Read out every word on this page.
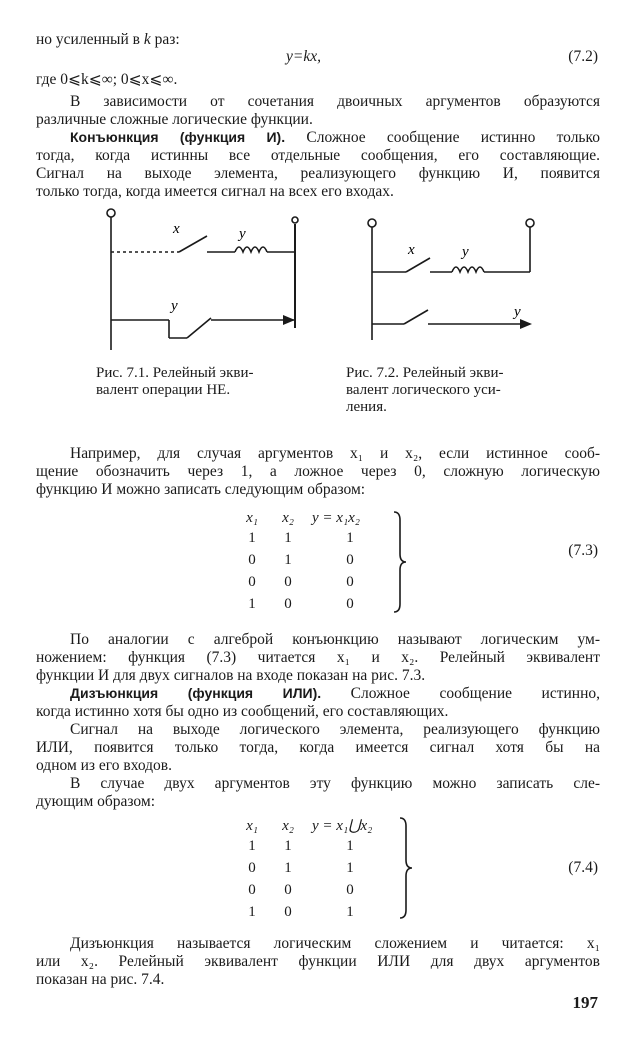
но усиленный в k раз:
y=kx,	(7.2)
где 0⩽k⩽∞; 0⩽x⩽∞.
В зависимости от сочетания двоичных аргументов образуются
различные сложные логические функции.
Конъюнкция (функция И). Сложное сообщение истинно только
тогда, когда истинны все отдельные сообщения, его составляющие.
Сигнал на выходе элемента, реализующего функцию И, появится
только тогда, когда имеется сигнал на всех его входах.
x	y
y
Рис. 7.1. Релейный экви-
валент операции НЕ.
x	y
y
Рис. 7.2. Релейный экви-
валент логического уси-
ления.
Например, для случая аргументов x₁ и x₂, если истинное сооб-
щение обозначить через 1, а ложное через 0, сложную логическую
функцию И можно записать следующим образом:
x₁	x₂	y = x₁x₂
1	1	1
0	1	0
0	0	0
1	0	0
(7.3)
По аналогии с алгеброй конъюнкцию называют логическим ум-
ножением: функция (7.3) читается x₁ и x₂. Релейный эквивалент
функции И для двух сигналов на входе показан на рис. 7.3.
Дизъюнкция (функция ИЛИ). Сложное сообщение истинно,
когда истинно хотя бы одно из сообщений, его составляющих.
Сигнал на выходе логического элемента, реализующего функцию
ИЛИ, появится только тогда, когда имеется сигнал хотя бы на
одном из его входов.
В случае двух аргументов эту функцию можно записать сле-
дующим образом:
x₁	x₂	y = x₁⋃x₂
1	1	1
0	1	1
0	0	0
1	0	1
(7.4)
Дизъюнкция называется логическим сложением и читается: x₁
или x₂. Релейный эквивалент функции ИЛИ для двух аргументов
показан на рис. 7.4.
197
